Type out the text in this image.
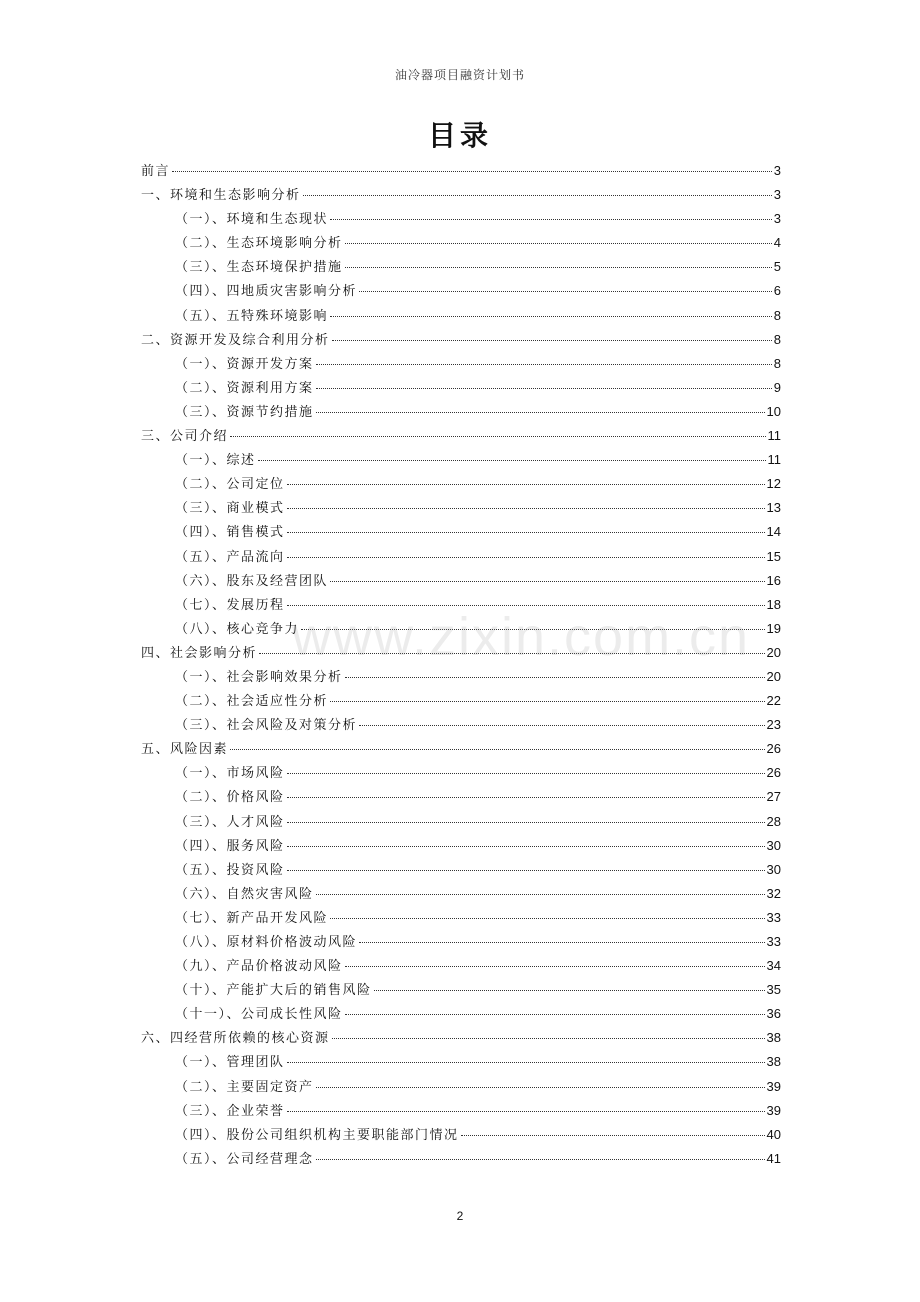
油冷器项目融资计划书
目录
前言	3
一、环境和生态影响分析	3
（一）、环境和生态现状	3
（二）、生态环境影响分析	4
（三）、生态环境保护措施	5
（四）、四地质灾害影响分析	6
（五）、五特殊环境影响	8
二、资源开发及综合利用分析	8
（一）、资源开发方案	8
（二）、资源利用方案	9
（三）、资源节约措施	10
三、公司介绍	11
（一）、综述	11
（二）、公司定位	12
（三）、商业模式	13
（四）、销售模式	14
（五）、产品流向	15
（六）、股东及经营团队	16
（七）、发展历程	18
（八）、核心竞争力	19
四、社会影响分析	20
（一）、社会影响效果分析	20
（二）、社会适应性分析	22
（三）、社会风险及对策分析	23
五、风险因素	26
（一）、市场风险	26
（二）、价格风险	27
（三）、人才风险	28
（四）、服务风险	30
（五）、投资风险	30
（六）、自然灾害风险	32
（七）、新产品开发风险	33
（八）、原材料价格波动风险	33
（九）、产品价格波动风险	34
（十）、产能扩大后的销售风险	35
（十一）、公司成长性风险	36
六、四经营所依赖的核心资源	38
（一）、管理团队	38
（二）、主要固定资产	39
（三）、企业荣誉	39
（四）、股份公司组织机构主要职能部门情况	40
（五）、公司经营理念	41
www.zixin.com.cn
2
